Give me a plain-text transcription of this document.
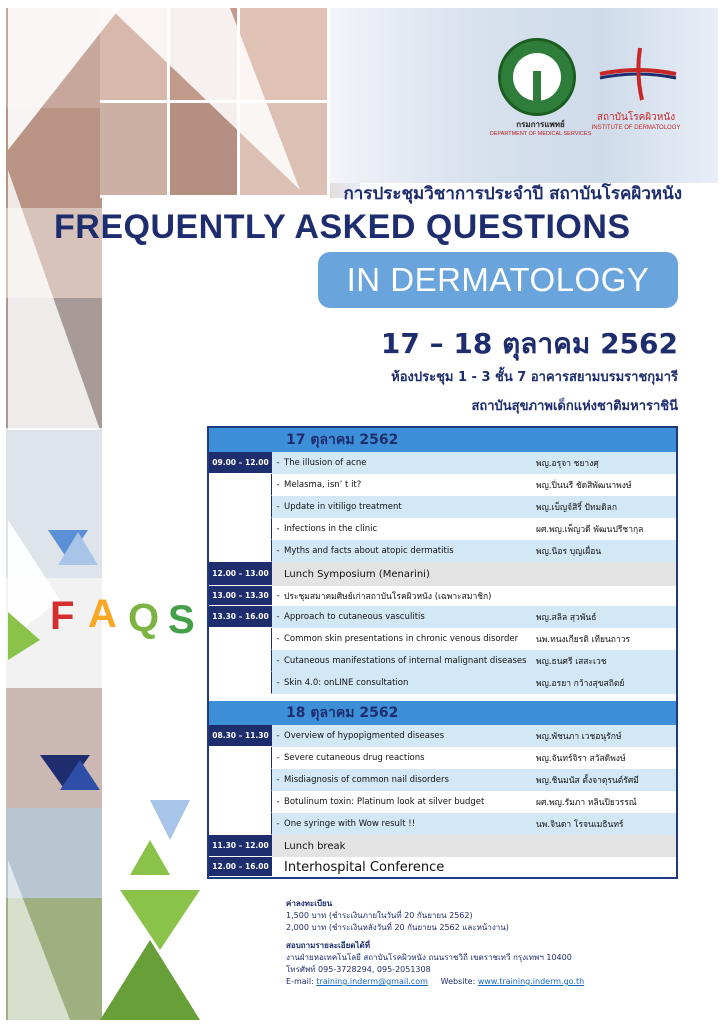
กรมการแพทย์
DEPARTMENT OF MEDICAL SERVICES
สถาบันโรคผิวหนัง
INSTITUTE OF DERMATOLOGY
การประชุมวิชาการประจำปี สถาบันโรคผิวหนัง
FREQUENTLY ASKED QUESTIONS
IN DERMATOLOGY
17 – 18 ตุลาคม 2562
ห้องประชุม 1 - 3 ชั้น 7 อาคารสยามบรมราชกุมารี
สถาบันสุขภาพเด็กแห่งชาติมหาราชินี
F A Q S
17 ตุลาคม 2562
18 ตุลาคม 2562
09.00 – 12.00 - The illusion of acne	พญ.อรุจา ชยางศุ
- Melasma, isn’ t it?	พญ.ปิ่นนรี ชัดสิพัฒนาพงษ์
- Update in vitiligo treatment	พญ.เบ็ญจ์สิริ์ ปัทมดิลก
- Infections in the clinic	ผศ.พญ.เพ็ญวดี พัฒนปรีชากุล
- Myths and facts about atopic dermatitis	พญ.นิอร บุญเผื่อน
12.00 – 13.00	Lunch Symposium (Menarini)
13.00 – 13.30 - ประชุมสมาคมศิษย์เก่าสถาบันโรคผิวหนัง (เฉพาะสมาชิก)
13.30 – 16.00 - Approach to cutaneous vasculitis	พญ.สลิล สุวพันธ์
- Common skin presentations in chronic venous disorder	นพ.ทนงเกียรติ เทียนถาวร
- Cutaneous manifestations of internal malignant diseases	พญ.ธนศรี เสสะเวช
- Skin 4.0: onLINE consultation	พญ.อรยา กว้างสุขสถิตย์
08.30 – 11.30 - Overview of hypopigmented diseases	พญ.พัชนภา เวชอนุรักษ์
- Severe cutaneous drug reactions	พญ.จันทร์จิรา สวัสดิพงษ์
- Misdiagnosis of common nail disorders	พญ.ชินมนัส ตั้งจาตุรนต์รัศมี
- Botulinum toxin: Platinum look at silver budget	ผศ.พญ.รัมภา หลินปิยวรรณ์
- One syringe with Wow result !!	นพ.จินดา โรจนเมธินทร์
11.30 – 12.00	Lunch break
12.00 – 16.00 Interhospital Conference
ค่าลงทะเบียน
1,500 บาท (ชำระเงินภายในวันที่ 20 กันยายน 2562)
2,000 บาท (ชำระเงินหลังวันที่ 20 กันยายน 2562 และหน้างาน)
สอบถามรายละเอียดได้ที่
งานฝ่ายหอเทคโนโลยี สถาบันโรคผิวหนัง ถนนราชวิถี เขตราชเทวี กรุงเทพฯ 10400
โทรศัพท์ 095-3728294, 095-2051308
E-mail: training.inderm@gmail.com Website: www.training.inderm.go.th
